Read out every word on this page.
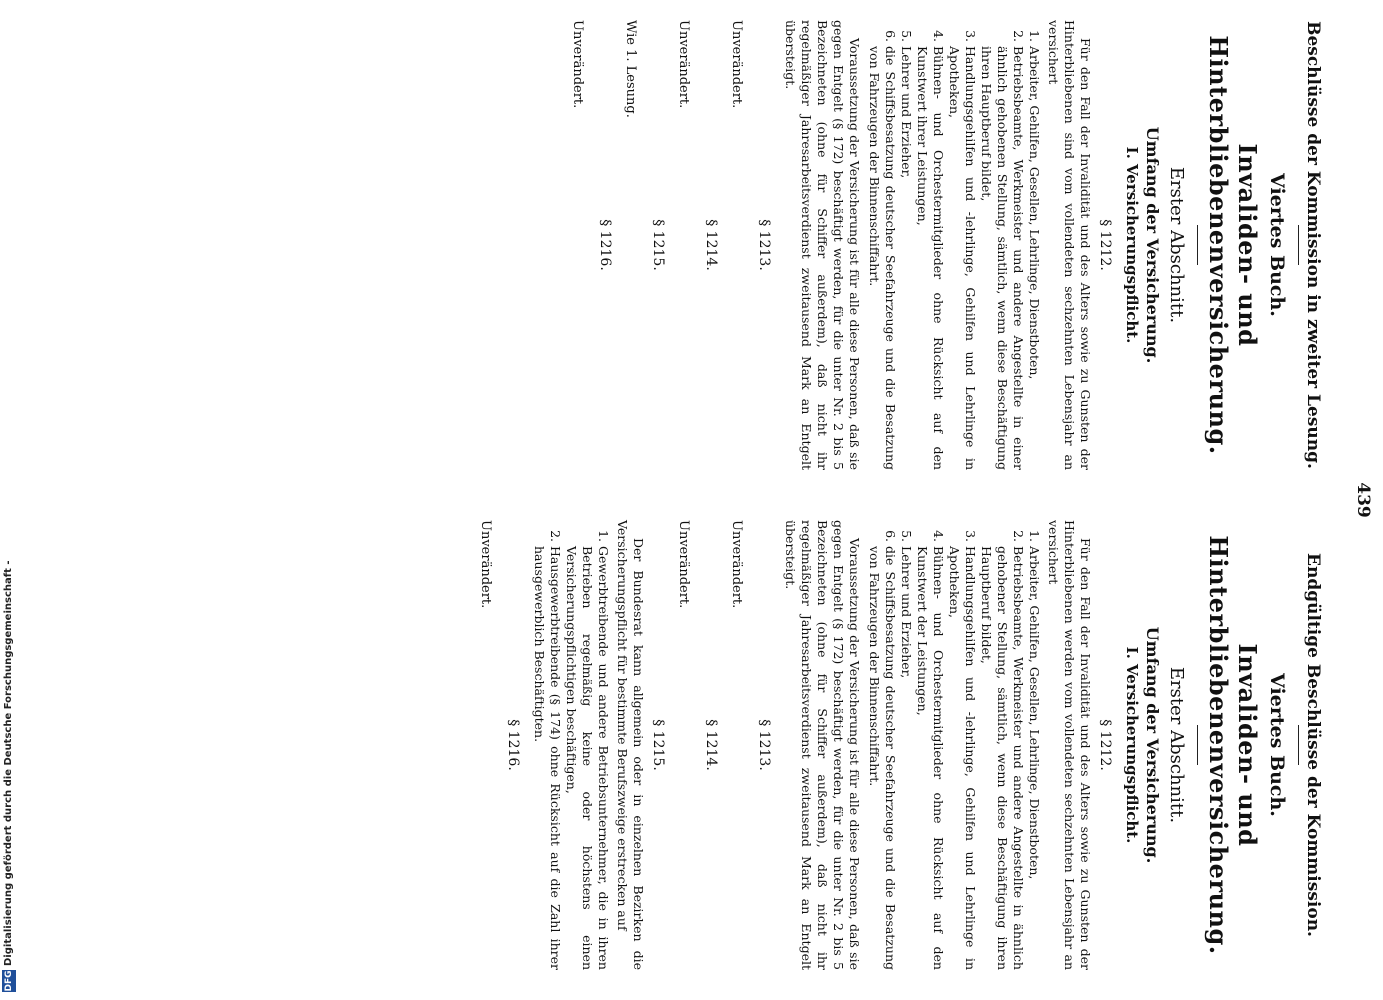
439
Beschlüsse der Kommission in zweiter Lesung.
Viertes Buch.
Invaliden- und Hinterbliebenenversicherung.
Erster Abschnitt.
Umfang der Versicherung.
I. Versicherungspflicht.
§ 1212.

Für den Fall der Invalidität und des Alters sowie zu Gunsten der Hinterbliebenen sind vom vollendeten sechzehnten Lebensjahr an versichert

1. Arbeiter, Gehilfen, Gesellen, Lehrlinge, Dienstboten,
2. Betriebsbeamte, Werkmeister und andere Angestellte in einer ähnlich gehobenen Stellung, sämtlich, wenn diese Beschäftigung ihren Hauptberuf bildet,
3. Handlungsgehilfen und -lehrlinge, Gehilfen und Lehrlinge in Apotheken,
4. Bühnen- und Orchestermitglieder ohne Rücksicht auf den Kunstwert ihrer Leistungen,
5. Lehrer und Erzieher,
6. die Schiffsbesatzung deutscher Seefahrzeuge und die Besatzung von Fahrzeugen der Binnenschiffahrt.

Voraussetzung der Versicherung ist für alle diese Personen, daß sie gegen Entgelt (§ 172) beschäftigt werden, für die unter Nr. 2 bis 5 Bezeichneten (ohne für Schiffer außerdem), daß nicht ihr regelmäßiger Jahresarbeitsverdienst zweitausend Mark an Entgelt übersteigt.

§ 1213.
Unverändert.
§ 1214.
Unverändert.
§ 1215.
Wie 1. Lesung.
§ 1216.
Unverändert.
Endgültige Beschlüsse der Kommission.
Viertes Buch.
Invaliden- und Hinterbliebenenversicherung.
Erster Abschnitt.
Umfang der Versicherung.
I. Versicherungspflicht.
§ 1212.

Für den Fall der Invalidität und des Alters sowie zu Gunsten der Hinterbliebenen werden vom vollendeten sechzehnten Lebensjahr an versichert

1. Arbeiter, Gehilfen, Gesellen, Lehrlinge, Dienstboten,
2. Betriebsbeamte, Werkmeister und andere Angestellte in ähnlich gehobener Stellung, sämtlich, wenn diese Beschäftigung ihren Hauptberuf bildet,
3. Handlungsgehilfen und -lehrlinge, Gehilfen und Lehrlinge in Apotheken,
4. Bühnen- und Orchestermitglieder ohne Rücksicht auf den Kunstwert der Leistungen,
5. Lehrer und Erzieher,
6. die Schiffsbesatzung deutscher Seefahrzeuge und die Besatzung von Fahrzeugen der Binnenschiffahrt.

Voraussetzung der Versicherung ist für alle diese Personen, daß sie gegen Entgelt (§ 172) beschäftigt werden, für die unter Nr. 2 bis 5 Bezeichneten (ohne für Schiffer außerdem), daß nicht ihr regelmäßiger Jahresarbeitsverdienst zweitausend Mark an Entgelt übersteigt.

§ 1213.
Unverändert.
§ 1214.
Unverändert.
§ 1215.

Der Bundesrat kann allgemein oder in einzelnen Bezirken die Versicherungspflicht für bestimmte Berufszweige erstrecken auf

1. Gewerbtreibende und andere Betriebsunternehmer, die in ihren Betrieben regelmäßig keine oder höchstens einen Versicherungspflichtigen beschäftigen,
2. Hausgewerbtreibende (§ 174) ohne Rücksicht auf die Zahl ihrer hausgewerblich Beschäftigten.
§ 1216.
Unverändert.
DFG
Digitalisierung gefördert durch die Deutsche Forschungsgemeinschaft -
